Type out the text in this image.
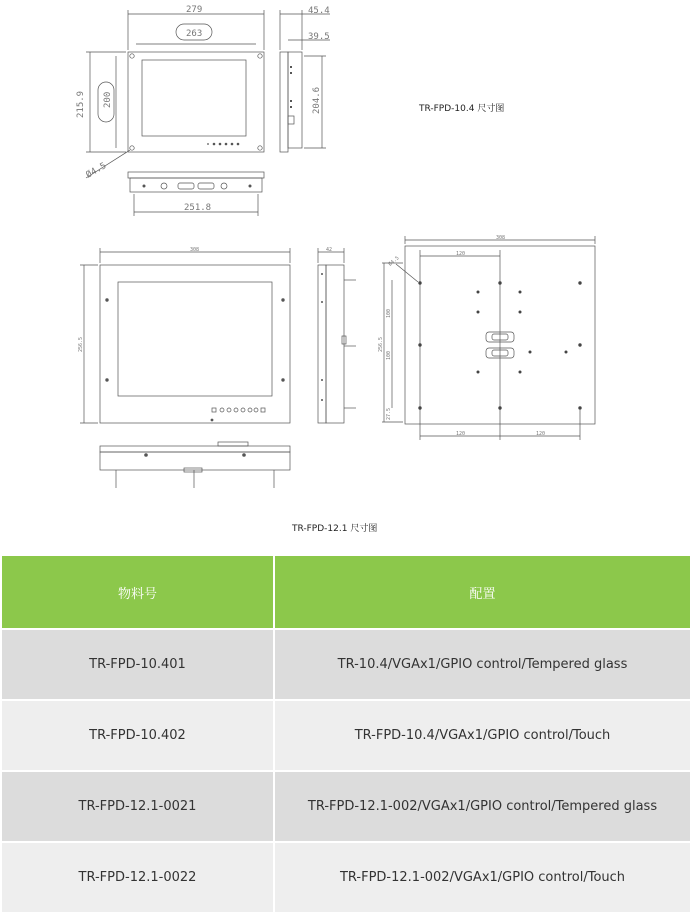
279
263
45.4
39.5
215.9 200	204.6
Ø4.5
251.8
308
256.5
42
308
120
256.5
100
100
27.5
Ø4.5
120	120
TR-FPD-10.4 尺寸图
TR-FPD-12.1 尺寸图
物料号	配置
TR-FPD-10.401	TR-10.4/VGAx1/GPIO control/Tempered glass
TR-FPD-10.402	TR-FPD-10.4/VGAx1/GPIO control/Touch
TR-FPD-12.1-0021	TR-FPD-12.1-002/VGAx1/GPIO control/Tempered glass
TR-FPD-12.1-0022	TR-FPD-12.1-002/VGAx1/GPIO control/Touch
